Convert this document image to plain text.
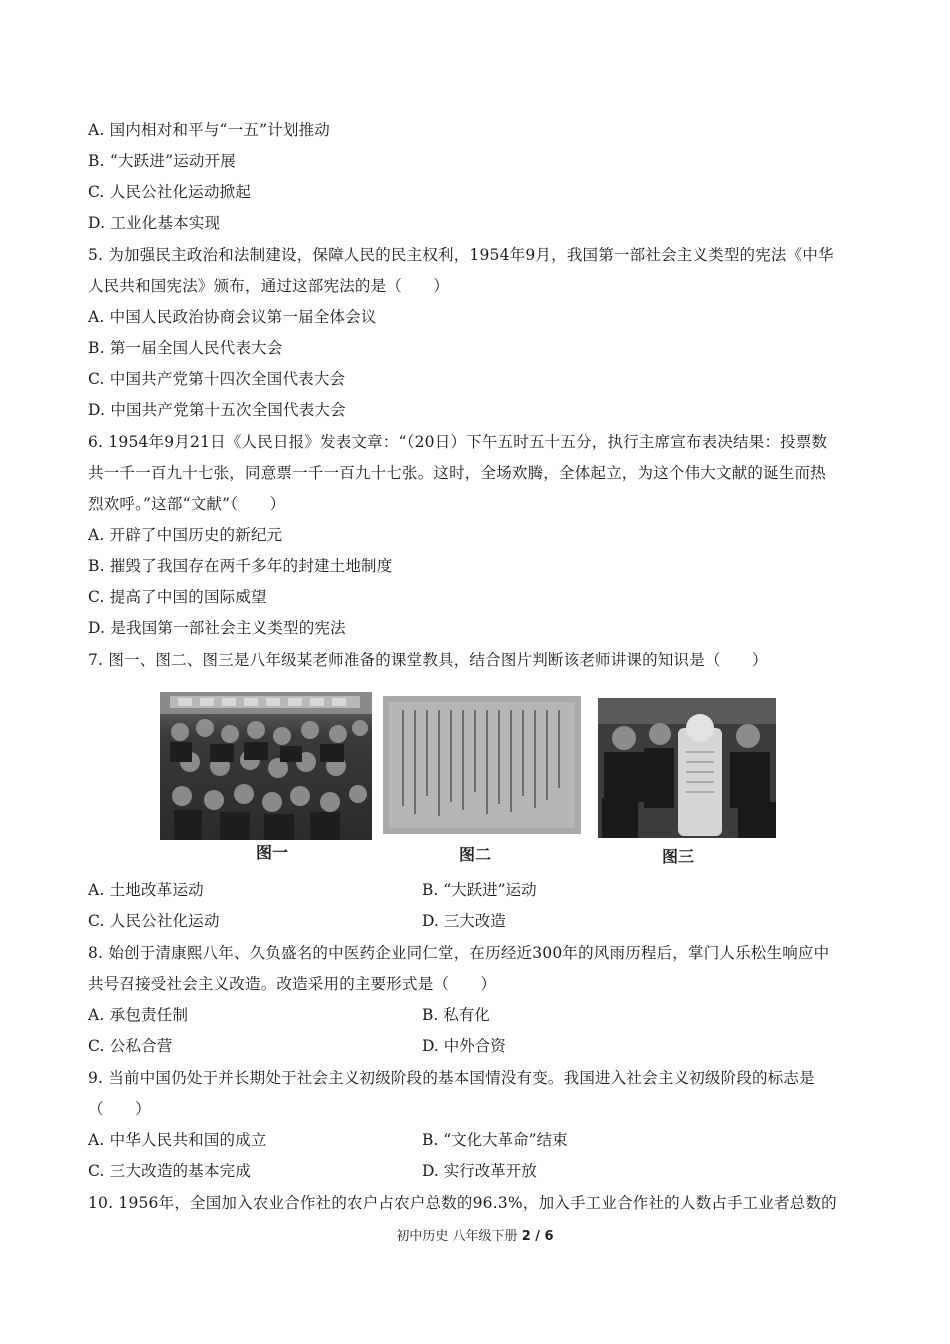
A. 国内相对和平与“一五”计划推动
B. “大跃进”运动开展
C. 人民公社化运动掀起
D. 工业化基本实现
5. 为加强民主政治和法制建设，保障人民的民主权利，1954年9月，我国第一部社会主义类型的宪法《中华
人民共和国宪法》颁布，通过这部宪法的是（　　）
A. 中国人民政治协商会议第一届全体会议
B. 第一届全国人民代表大会
C. 中国共产党第十四次全国代表大会
D. 中国共产党第十五次全国代表大会
6. 1954年9月21日《人民日报》发表文章：“（20日）下午五时五十五分，执行主席宣布表决结果：投票数
共一千一百九十七张，同意票一千一百九十七张。这时，全场欢腾，全体起立，为这个伟大文献的诞生而热
烈欢呼。”这部“文献”（　　）
A. 开辟了中国历史的新纪元
B. 摧毁了我国存在两千多年的封建土地制度
C. 提高了中国的国际威望
D. 是我国第一部社会主义类型的宪法
7. 图一、图二、图三是八年级某老师准备的课堂教具，结合图片判断该老师讲课的知识是（　　）
图一	图二	图三
A. 土地改革运动	B. “大跃进”运动
C. 人民公社化运动	D. 三大改造
8. 始创于清康熙八年、久负盛名的中医药企业同仁堂，在历经近300年的风雨历程后，掌门人乐松生响应中
共号召接受社会主义改造。改造采用的主要形式是（　　）
A. 承包责任制	B. 私有化
C. 公私合营	D. 中外合资
9. 当前中国仍处于并长期处于社会主义初级阶段的基本国情没有变。我国进入社会主义初级阶段的标志是
（　　）
A. 中华人民共和国的成立	B. “文化大革命”结束
C. 三大改造的基本完成	D. 实行改革开放
10. 1956年，全国加入农业合作社的农户占农户总数的96.3%，加入手工业合作社的人数占手工业者总数的
初中历史 八年级下册 2 / 6
